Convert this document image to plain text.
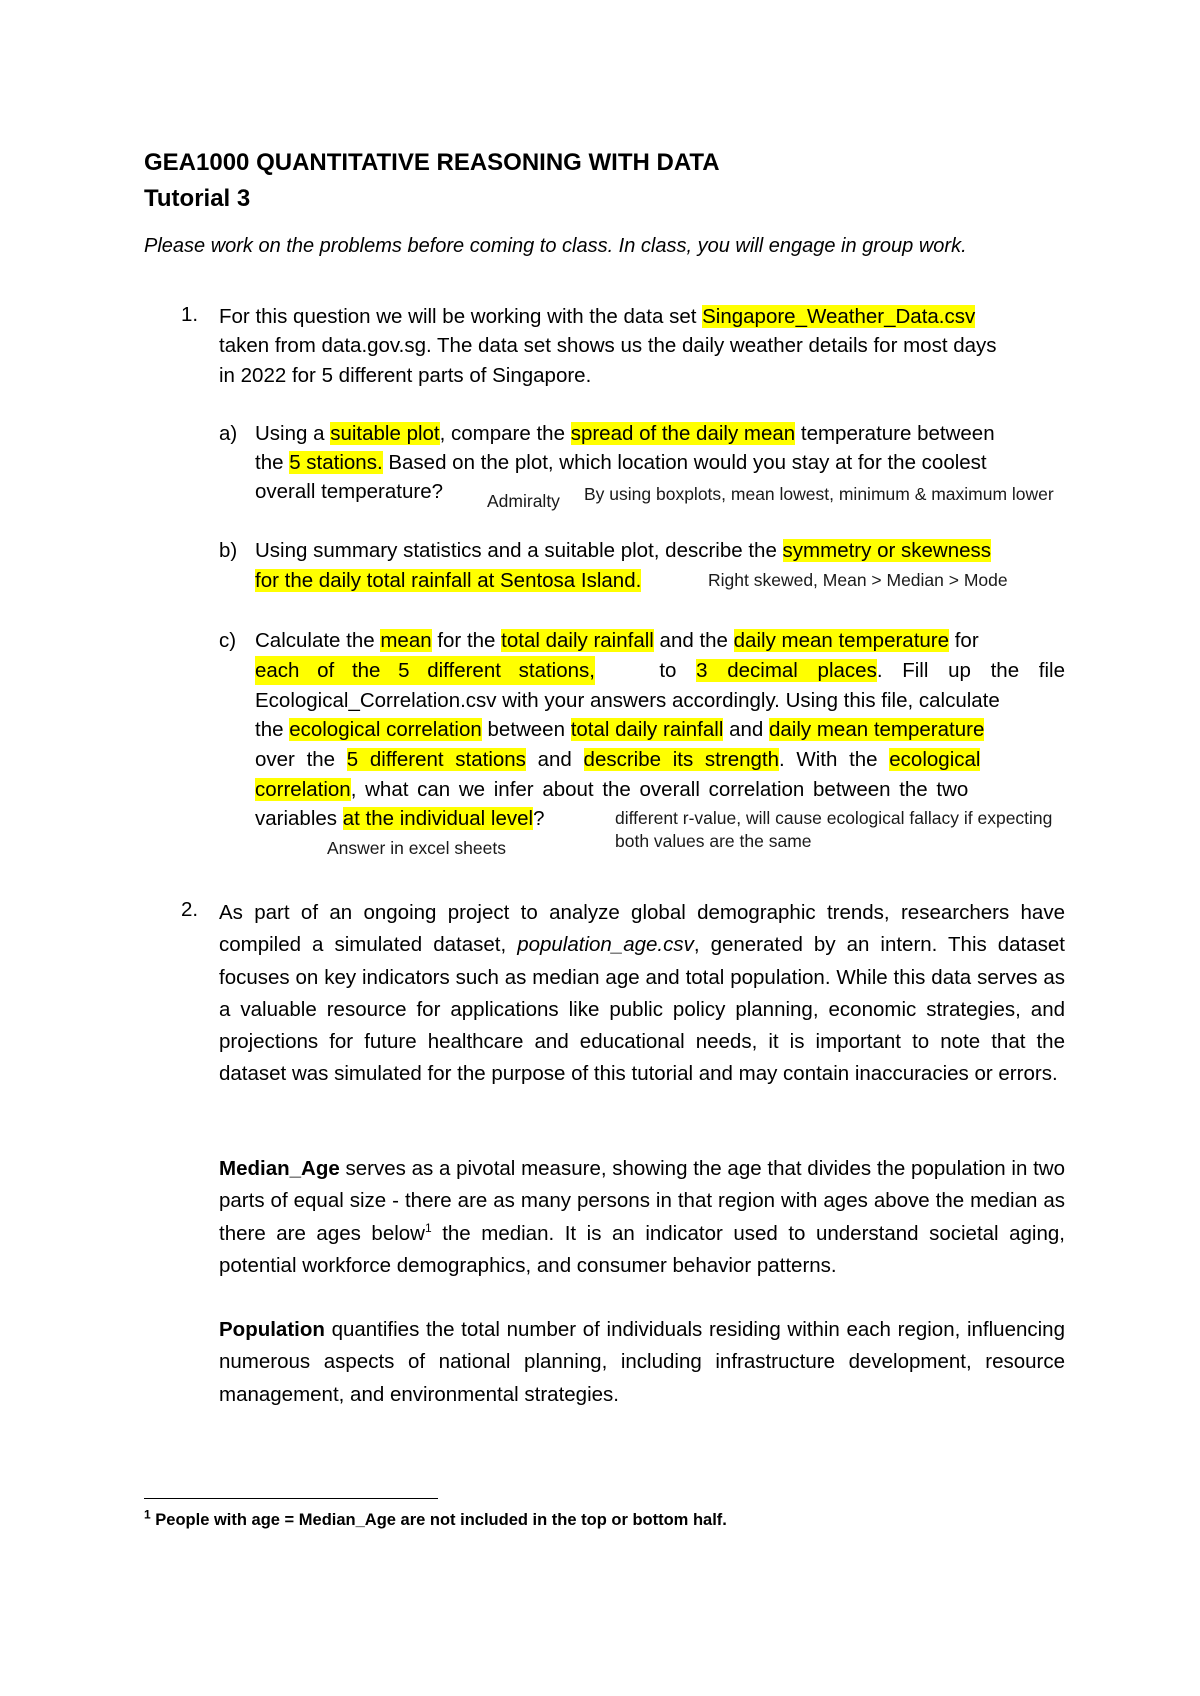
GEA1000 QUANTITATIVE REASONING WITH DATA
Tutorial 3
Please work on the problems before coming to class. In class, you will engage in group work.
1. For this question we will be working with the data set Singapore_Weather_Data.csv
taken from data.gov.sg. The data set shows us the daily weather details for most days
in 2022 for 5 different parts of Singapore.
a) Using a suitable plot, compare the spread of the daily mean temperature between
the 5 stations. Based on the plot, which location would you stay at for the coolest
overall temperature?	Admiralty By using boxplots, mean lowest, minimum & maximum lower
b) Using summary statistics and a suitable plot, describe the symmetry or skewness
for the daily total rainfall at Sentosa Island.	Right skewed, Mean > Median > Mode
c) Calculate the mean for the total daily rainfall and the daily mean temperature for
each of the 5 different stations,	to 3 decimal places. Fill up the file
Ecological_Correlation.csv with your answers accordingly. Using this file, calculate
the ecological correlation between total daily rainfall and daily mean temperature
over the 5 different stations and describe its strength. With the ecological
correlation, what can we infer about the overall correlation between the two
variables at the individual level?	different r-value, will cause ecological fallacy if expecting
both values are the same
Answer in excel sheets
2. As part of an ongoing project to analyze global demographic trends, researchers have compiled a simulated dataset, population_age.csv, generated by an intern. This dataset focuses on key indicators such as median age and total population. While this data serves as a valuable resource for applications like public policy planning, economic strategies, and projections for future healthcare and educational needs, it is important to note that the dataset was simulated for the purpose of this tutorial and may contain inaccuracies or errors.
Median_Age serves as a pivotal measure, showing the age that divides the population in two parts of equal size - there are as many persons in that region with ages above the median as there are ages below$^1$ the median. It is an indicator used to understand societal aging, potential workforce demographics, and consumer behavior patterns.
Population quantifies the total number of individuals residing within each region, influencing numerous aspects of national planning, including infrastructure development, resource management, and environmental strategies.
$^1$ People with age = Median_Age are not included in the top or bottom half.
